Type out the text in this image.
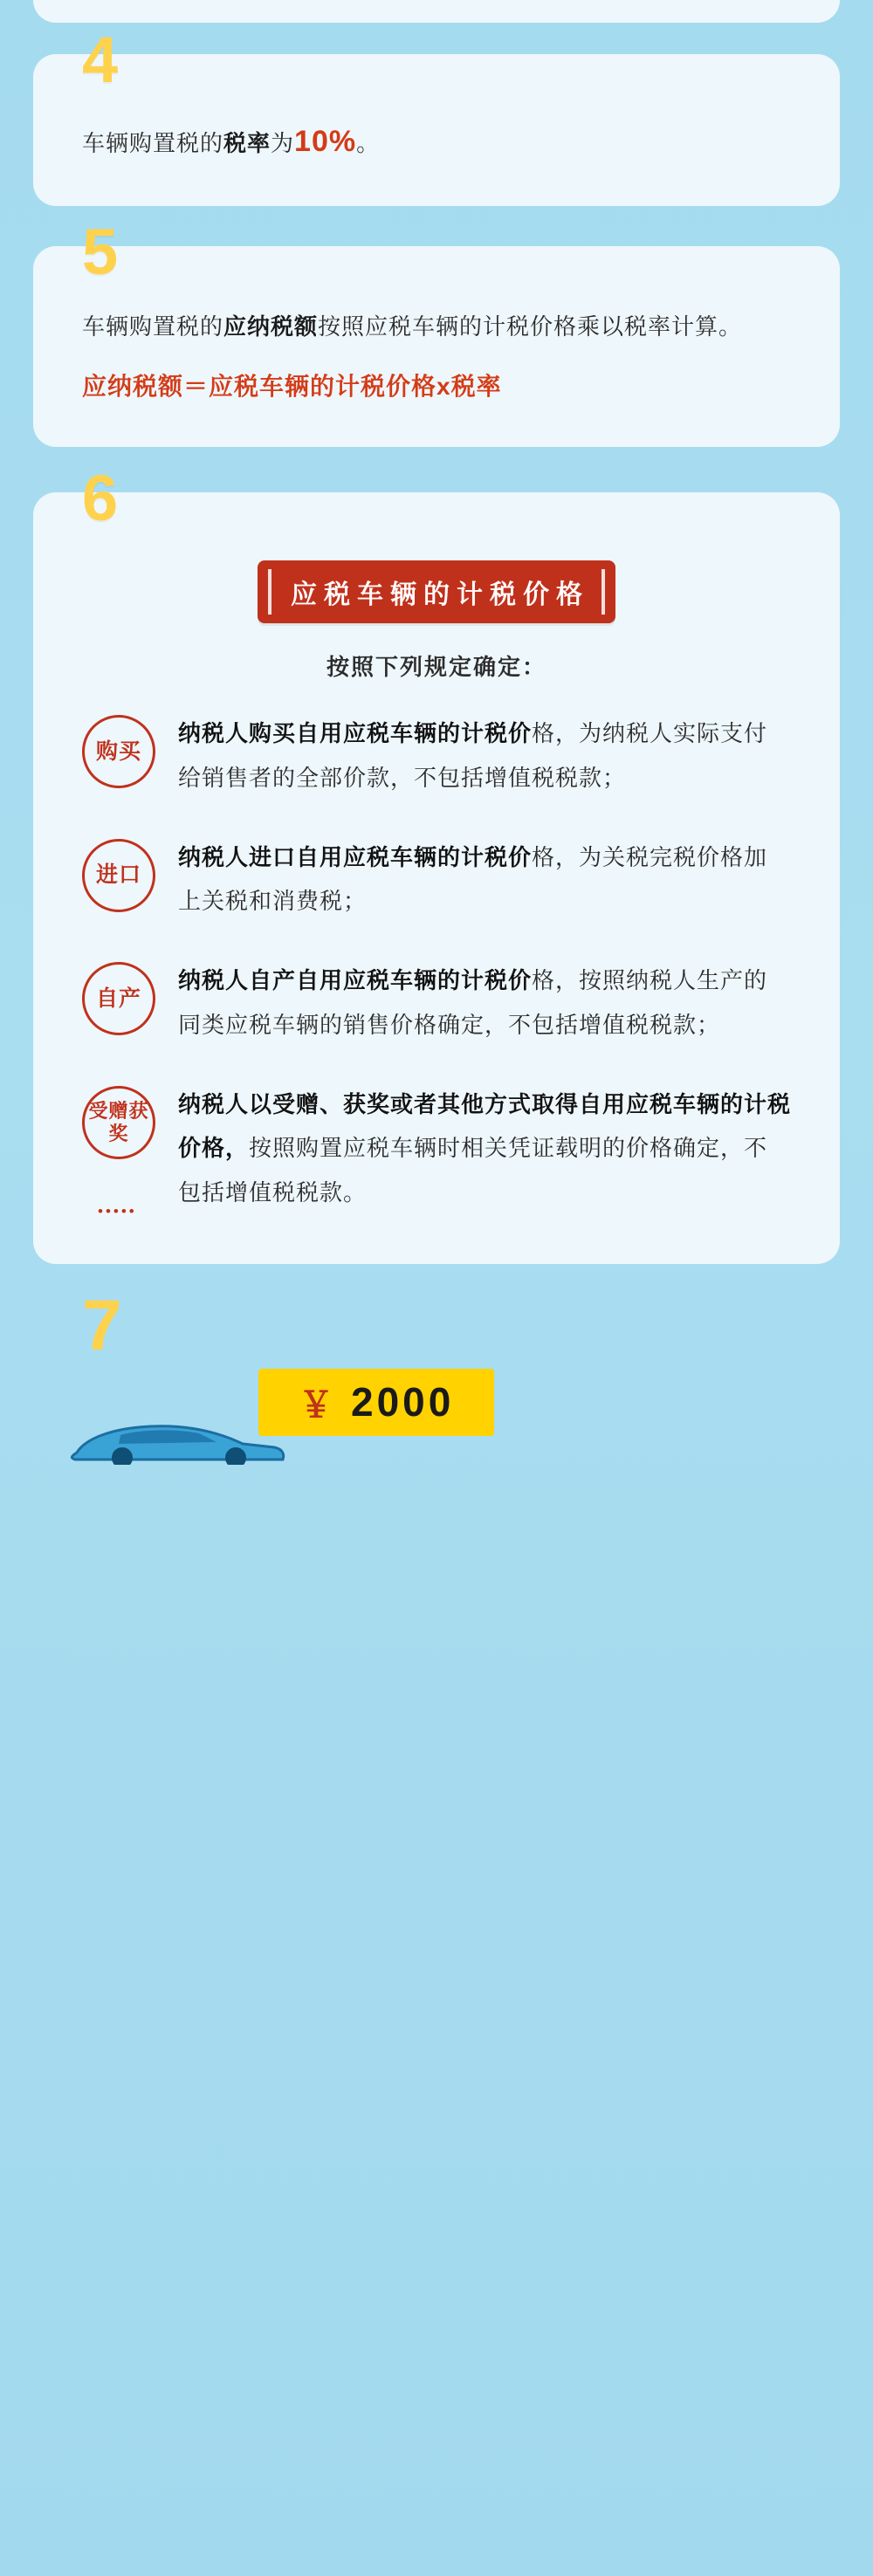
4
车辆购置税的税率为10%。
5
车辆购置税的应纳税额按照应税车辆的计税价格乘以税率计算。
应纳税额＝应税车辆的计税价格x税率
6
应税车辆的计税价格
按照下列规定确定：
购买
纳税人购买自用应税车辆的计税价格，为纳税人实际支付给销售者的全部价款，不包括增值税税款；
进口
纳税人进口自用应税车辆的计税价格，为关税完税价格加上关税和消费税；
自产
纳税人自产自用应税车辆的计税价格，按照纳税人生产的同类应税车辆的销售价格确定，不包括增值税税款；
受赠获奖
•••••
纳税人以受赠、获奖或者其他方式取得自用应税车辆的计税价格，按照购置应税车辆时相关凭证载明的价格确定，不包括增值税税款。
7
￥ 2000
